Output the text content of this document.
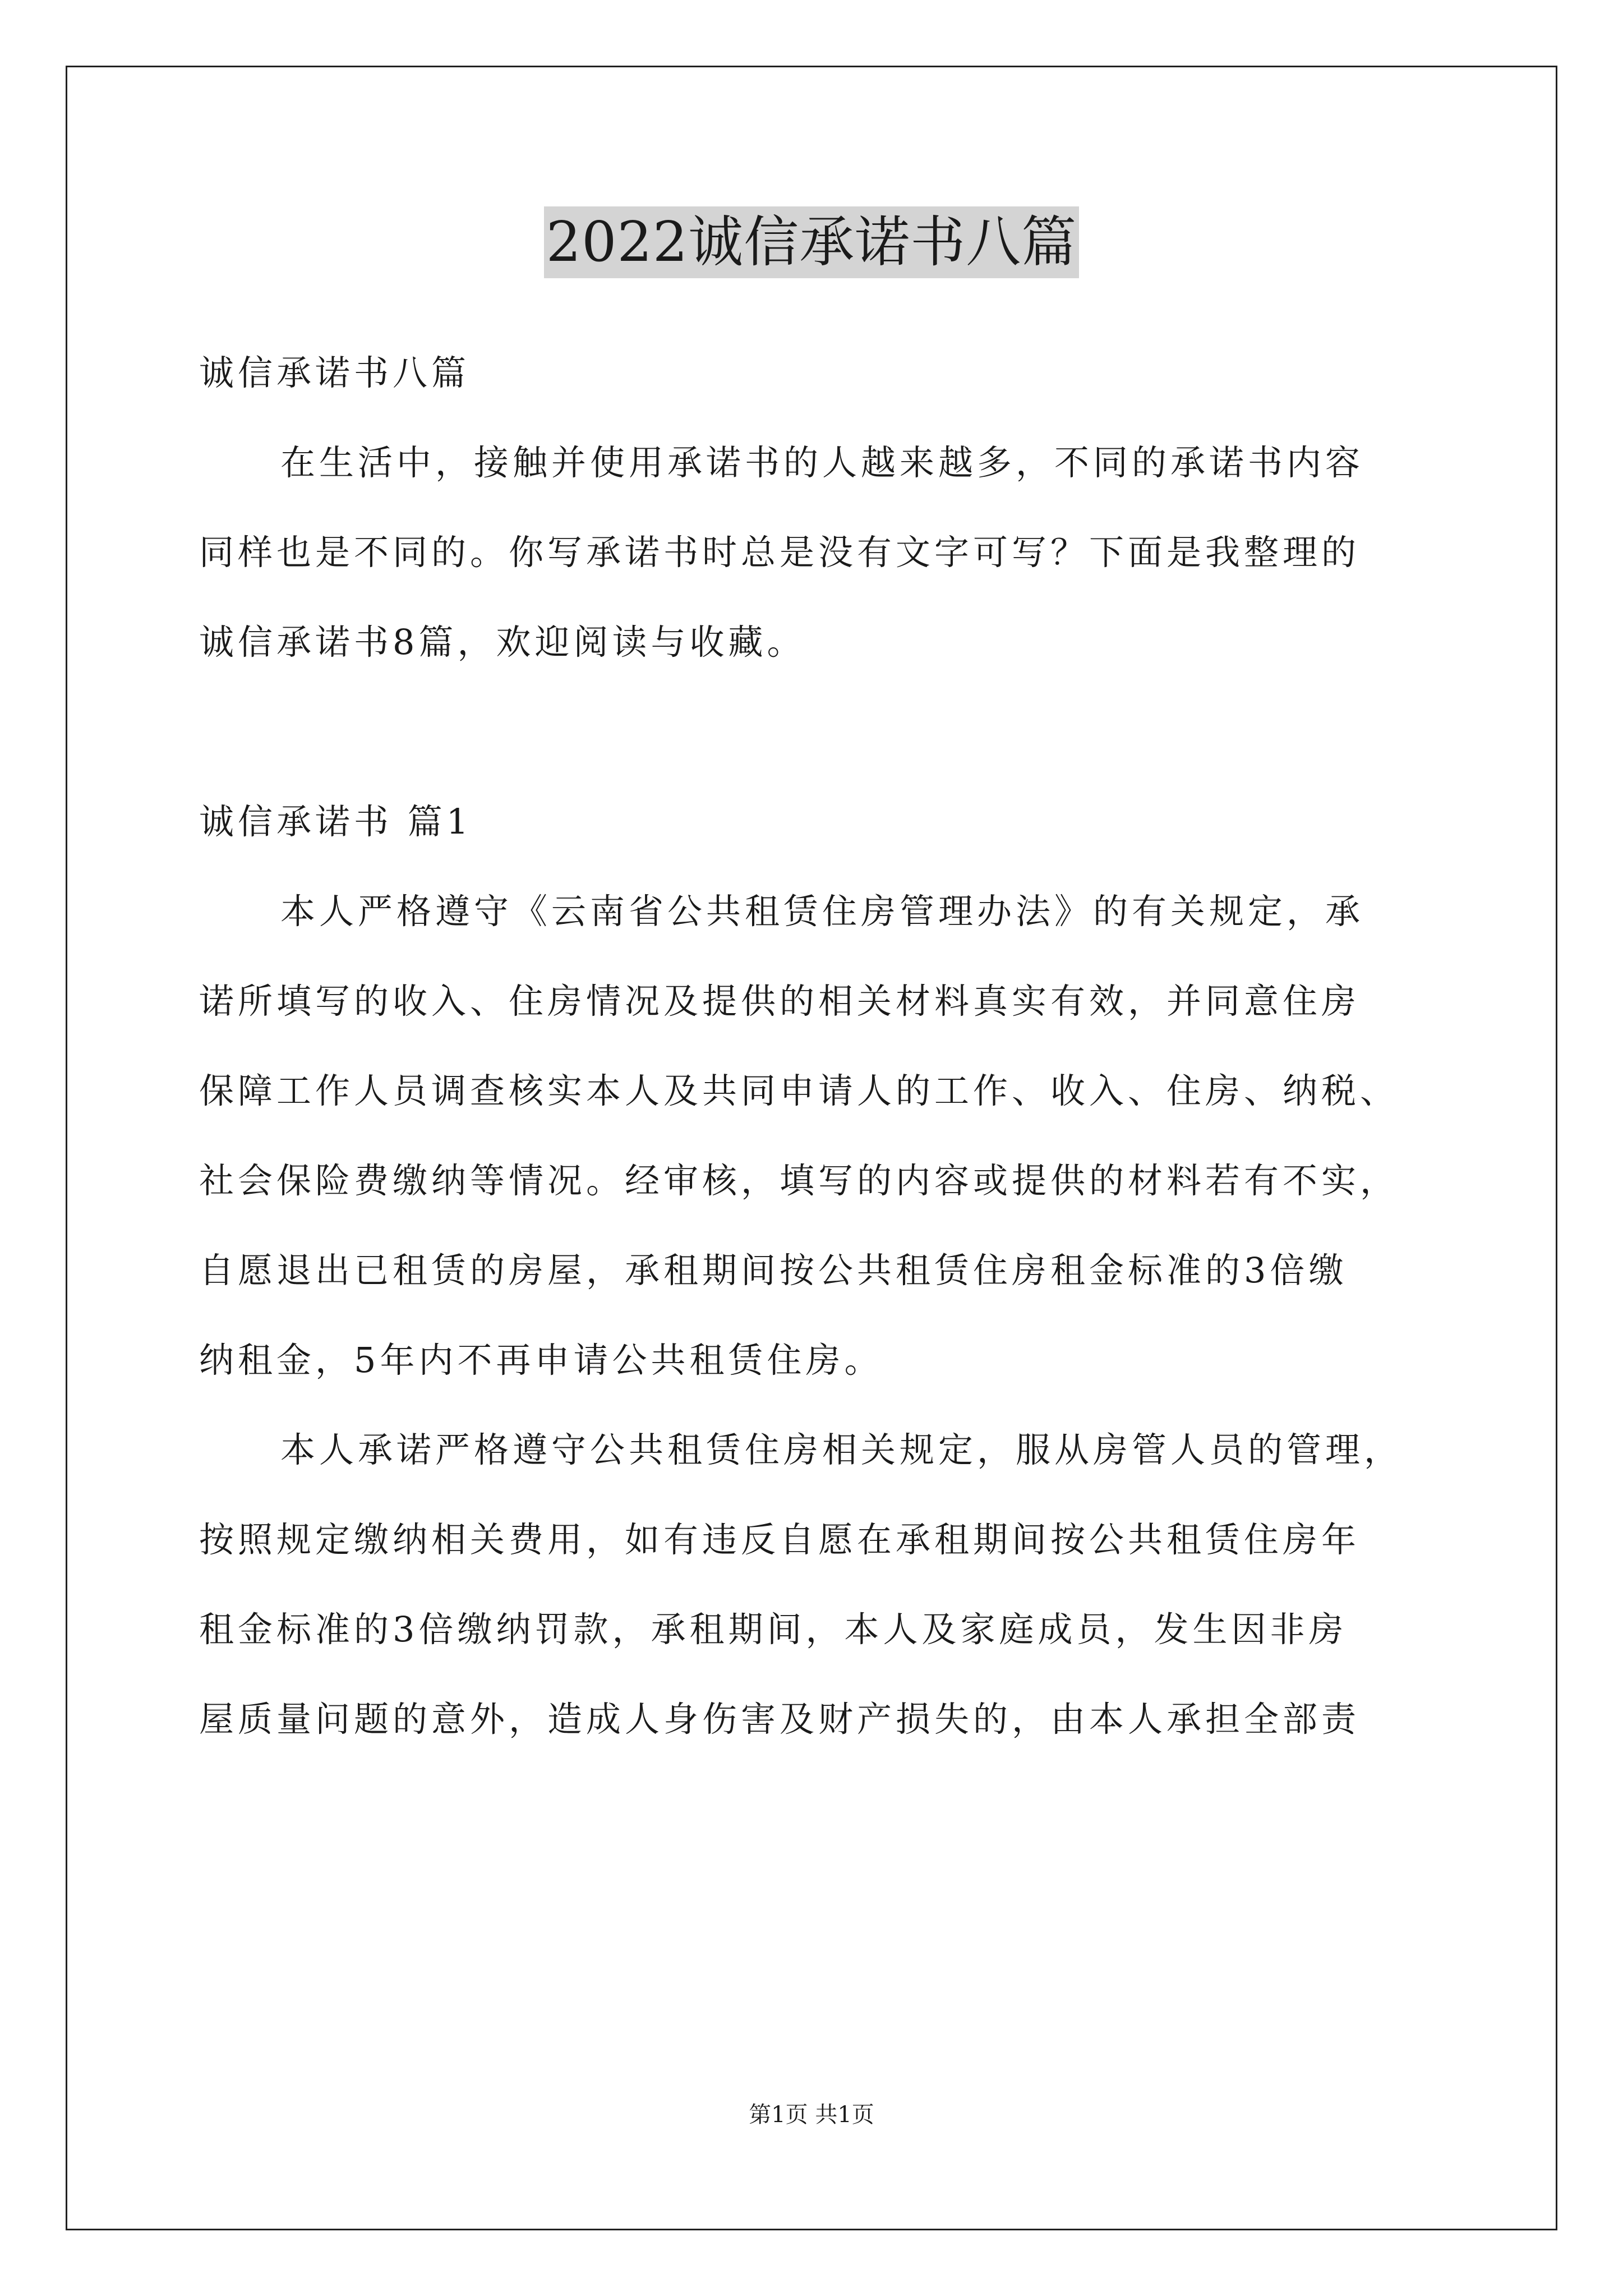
2022诚信承诺书八篇
诚信承诺书八篇
在生活中，接触并使用承诺书的人越来越多，不同的承诺书内容
同样也是不同的。你写承诺书时总是没有文字可写？下面是我整理的
诚信承诺书8篇，欢迎阅读与收藏。
诚信承诺书 篇1
本人严格遵守《云南省公共租赁住房管理办法》的有关规定，承
诺所填写的收入、住房情况及提供的相关材料真实有效，并同意住房
保障工作人员调查核实本人及共同申请人的工作、收入、住房、纳税、
社会保险费缴纳等情况。经审核，填写的内容或提供的材料若有不实，
自愿退出已租赁的房屋，承租期间按公共租赁住房租金标准的3倍缴
纳租金，5年内不再申请公共租赁住房。
本人承诺严格遵守公共租赁住房相关规定，服从房管人员的管理，
按照规定缴纳相关费用，如有违反自愿在承租期间按公共租赁住房年
租金标准的3倍缴纳罚款，承租期间，本人及家庭成员，发生因非房
屋质量问题的意外，造成人身伤害及财产损失的，由本人承担全部责
第1页 共1页
